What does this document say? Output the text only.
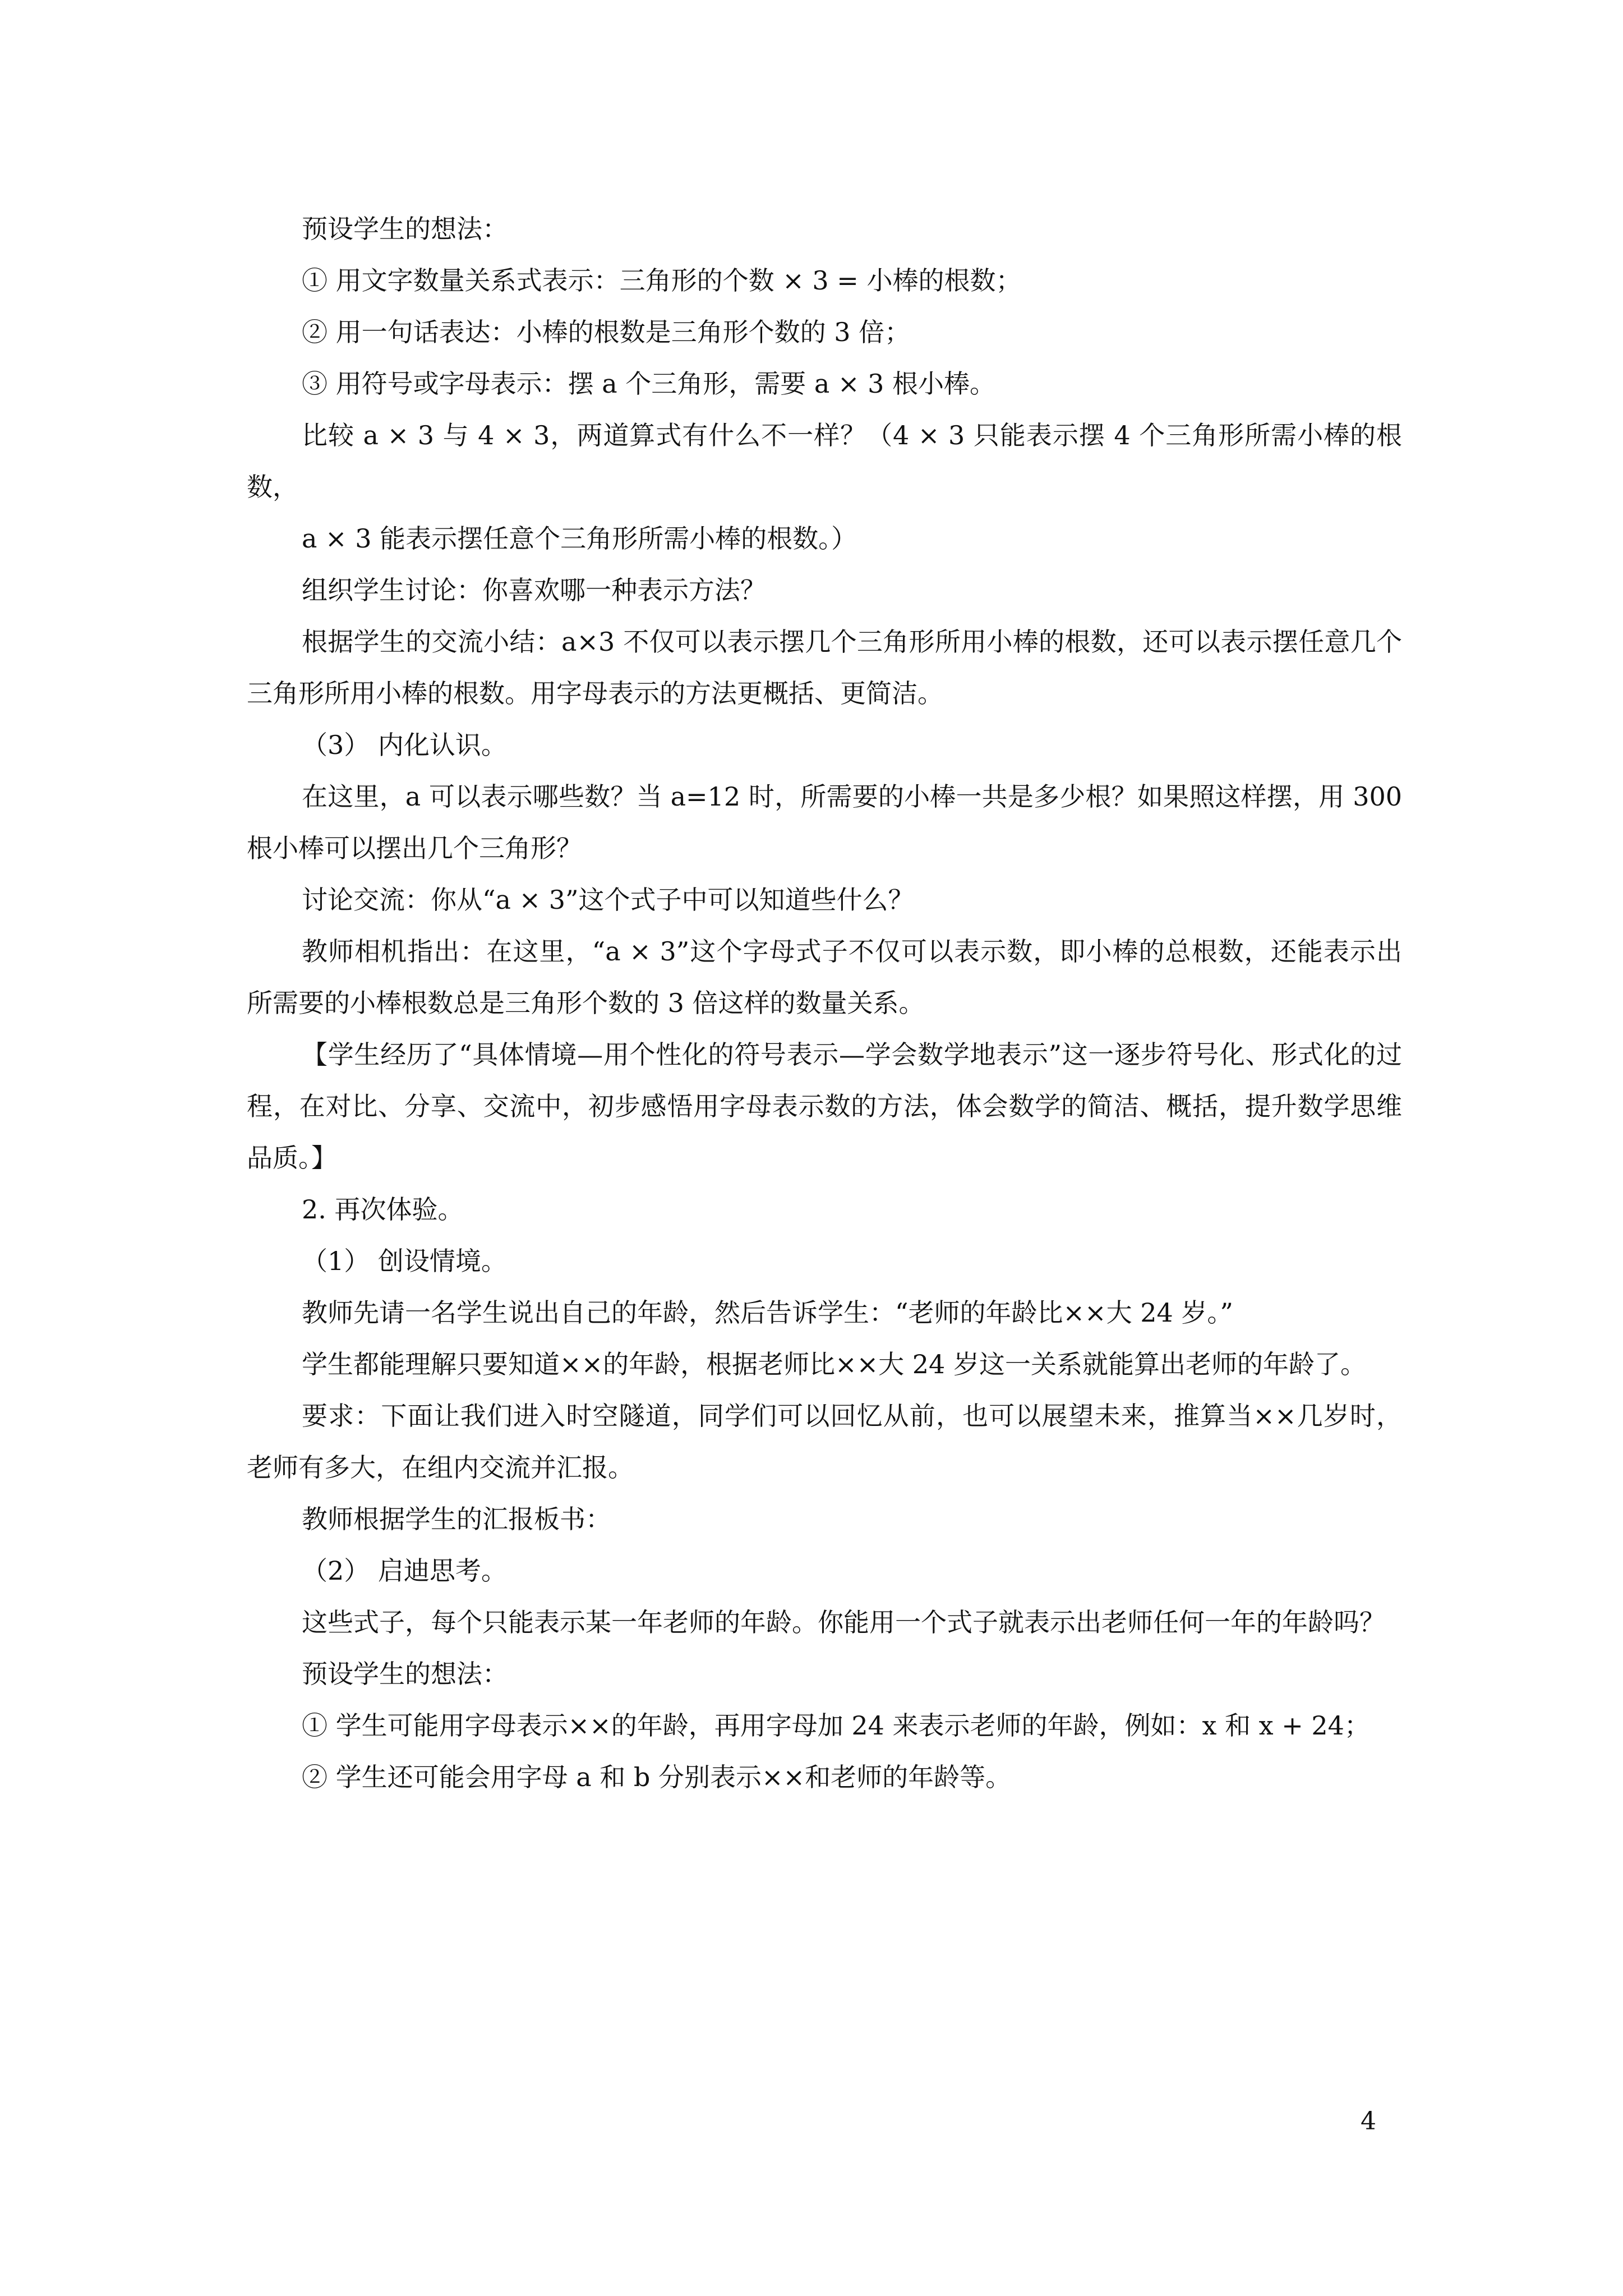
预设学生的想法：

① 用文字数量关系式表示：三角形的个数 × 3 = 小棒的根数；

② 用一句话表达：小棒的根数是三角形个数的 3 倍；

③ 用符号或字母表示：摆 a 个三角形，需要 a × 3 根小棒。

比较 a × 3 与 4 × 3，两道算式有什么不一样？（4 × 3 只能表示摆 4 个三角形所需小棒的根数，

a × 3 能表示摆任意个三角形所需小棒的根数。）

组织学生讨论：你喜欢哪一种表示方法？

根据学生的交流小结：a×3 不仅可以表示摆几个三角形所用小棒的根数，还可以表示摆任意几个三角形所用小棒的根数。用字母表示的方法更概括、更简洁。

（3） 内化认识。

在这里，a 可以表示哪些数？当 a=12 时，所需要的小棒一共是多少根？如果照这样摆，用 300 根小棒可以摆出几个三角形？

讨论交流：你从“a × 3”这个式子中可以知道些什么？

教师相机指出：在这里，“a × 3”这个字母式子不仅可以表示数，即小棒的总根数，还能表示出所需要的小棒根数总是三角形个数的 3 倍这样的数量关系。

【学生经历了“具体情境—用个性化的符号表示—学会数学地表示”这一逐步符号化、形式化的过程，在对比、分享、交流中，初步感悟用字母表示数的方法，体会数学的简洁、概括，提升数学思维品质。】

2. 再次体验。

（1） 创设情境。

教师先请一名学生说出自己的年龄，然后告诉学生：“老师的年龄比××大 24 岁。”

学生都能理解只要知道××的年龄，根据老师比××大 24 岁这一关系就能算出老师的年龄了。

要求：下面让我们进入时空隧道，同学们可以回忆从前，也可以展望未来，推算当××几岁时，老师有多大，在组内交流并汇报。

教师根据学生的汇报板书：

（2） 启迪思考。

这些式子，每个只能表示某一年老师的年龄。你能用一个式子就表示出老师任何一年的年龄吗？

预设学生的想法：

① 学生可能用字母表示××的年龄，再用字母加 24 来表示老师的年龄，例如：x 和 x + 24；

② 学生还可能会用字母 a 和 b 分别表示××和老师的年龄等。

4
